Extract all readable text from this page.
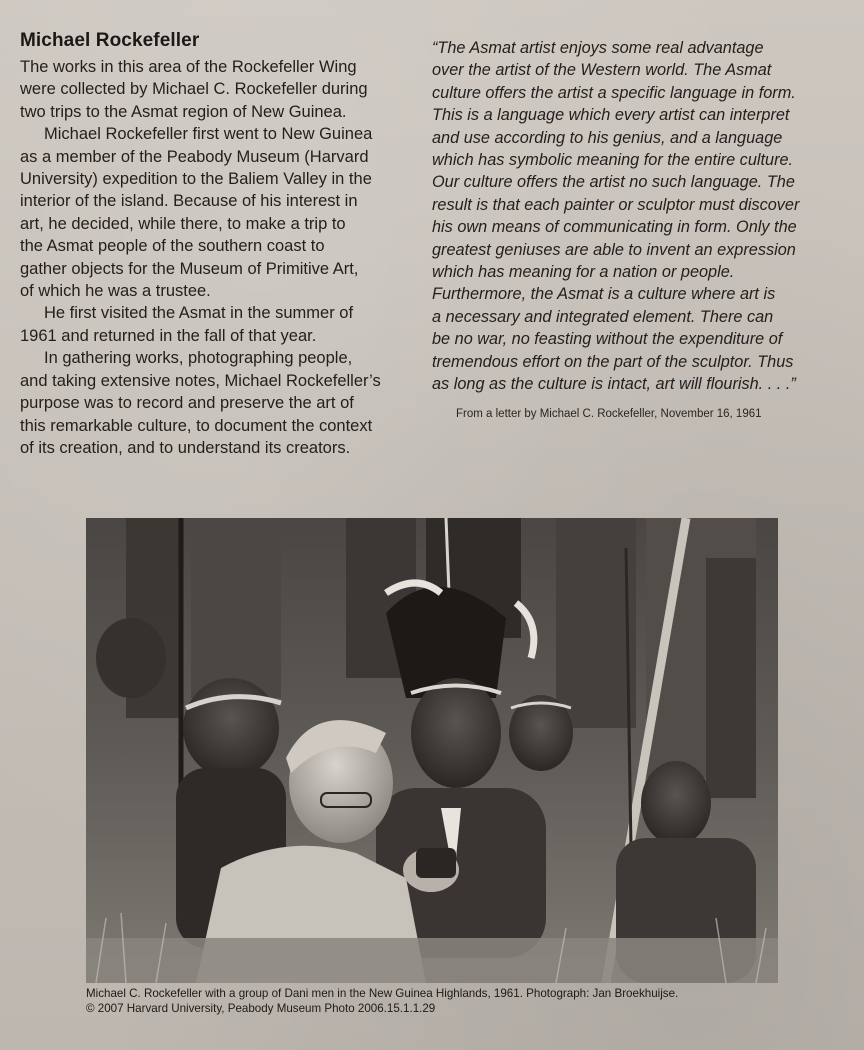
Michael Rockefeller
The works in this area of the Rockefeller Wing
were collected by Michael C. Rockefeller during
two trips to the Asmat region of New Guinea.
Michael Rockefeller first went to New Guinea
as a member of the Peabody Museum (Harvard
University) expedition to the Baliem Valley in the
interior of the island. Because of his interest in
art, he decided, while there, to make a trip to
the Asmat people of the southern coast to
gather objects for the Museum of Primitive Art,
of which he was a trustee.
He first visited the Asmat in the summer of
1961 and returned in the fall of that year.
In gathering works, photographing people,
and taking extensive notes, Michael Rockefeller’s
purpose was to record and preserve the art of
this remarkable culture, to document the context
of its creation, and to understand its creators.
“The Asmat artist enjoys some real advantage
over the artist of the Western world. The Asmat
culture offers the artist a specific language in form.
This is a language which every artist can interpret
and use according to his genius, and a language
which has symbolic meaning for the entire culture.
Our culture offers the artist no such language. The
result is that each painter or sculptor must discover
his own means of communicating in form. Only the
greatest geniuses are able to invent an expression
which has meaning for a nation or people.
Furthermore, the Asmat is a culture where art is
a necessary and integrated element. There can
be no war, no feasting without the expenditure of
tremendous effort on the part of the sculptor. Thus
as long as the culture is intact, art will flourish. . . .”
From a letter by Michael C. Rockefeller, November 16, 1961
Michael C. Rockefeller with a group of Dani men in the New Guinea Highlands, 1961. Photograph: Jan Broekhuijse.
© 2007 Harvard University, Peabody Museum Photo 2006.15.1.1.29
